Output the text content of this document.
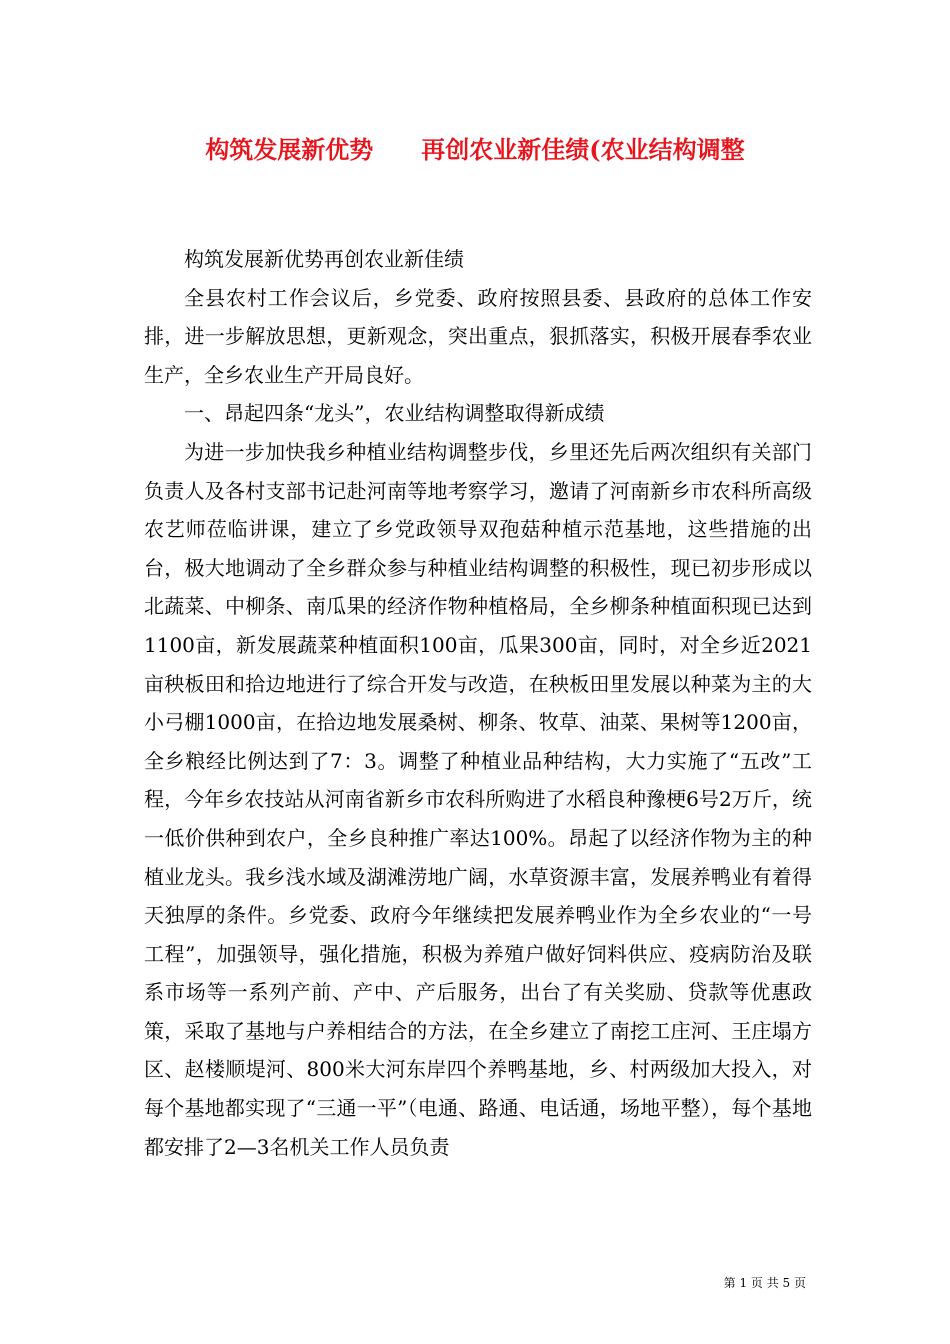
构筑发展新优势　　再创农业新佳绩(农业结构调整

构筑发展新优势再创农业新佳绩

全县农村工作会议后，乡党委、政府按照县委、县政府的总体工作安排，进一步解放思想，更新观念，突出重点，狠抓落实，积极开展春季农业生产，全乡农业生产开局良好。

一、昂起四条“龙头”，农业结构调整取得新成绩

为进一步加快我乡种植业结构调整步伐，乡里还先后两次组织有关部门负责人及各村支部书记赴河南等地考察学习，邀请了河南新乡市农科所高级农艺师莅临讲课，建立了乡党政领导双孢菇种植示范基地，这些措施的出台，极大地调动了全乡群众参与种植业结构调整的积极性，现已初步形成以北蔬菜、中柳条、南瓜果的经济作物种植格局，全乡柳条种植面积现已达到1100亩，新发展蔬菜种植面积100亩，瓜果300亩，同时，对全乡近2021亩秧板田和拾边地进行了综合开发与改造，在秧板田里发展以种菜为主的大小弓棚1000亩，在拾边地发展桑树、柳条、牧草、油菜、果树等1200亩，全乡粮经比例达到了7：3。调整了种植业品种结构，大力实施了“五改”工程，今年乡农技站从河南省新乡市农科所购进了水稻良种豫梗6号2万斤，统一低价供种到农户，全乡良种推广率达100%。昂起了以经济作物为主的种植业龙头。我乡浅水域及湖滩涝地广阔，水草资源丰富，发展养鸭业有着得天独厚的条件。乡党委、政府今年继续把发展养鸭业作为全乡农业的“一号工程”，加强领导，强化措施，积极为养殖户做好饲料供应、疫病防治及联系市场等一系列产前、产中、产后服务，出台了有关奖励、贷款等优惠政策，采取了基地与户养相结合的方法，在全乡建立了南挖工庄河、王庄塌方区、赵楼顺堤河、800米大河东岸四个养鸭基地，乡、村两级加大投入，对每个基地都实现了“三通一平”（电通、路通、电话通，场地平整），每个基地都安排了2—3名机关工作人员负责

第 1 页 共 5 页
